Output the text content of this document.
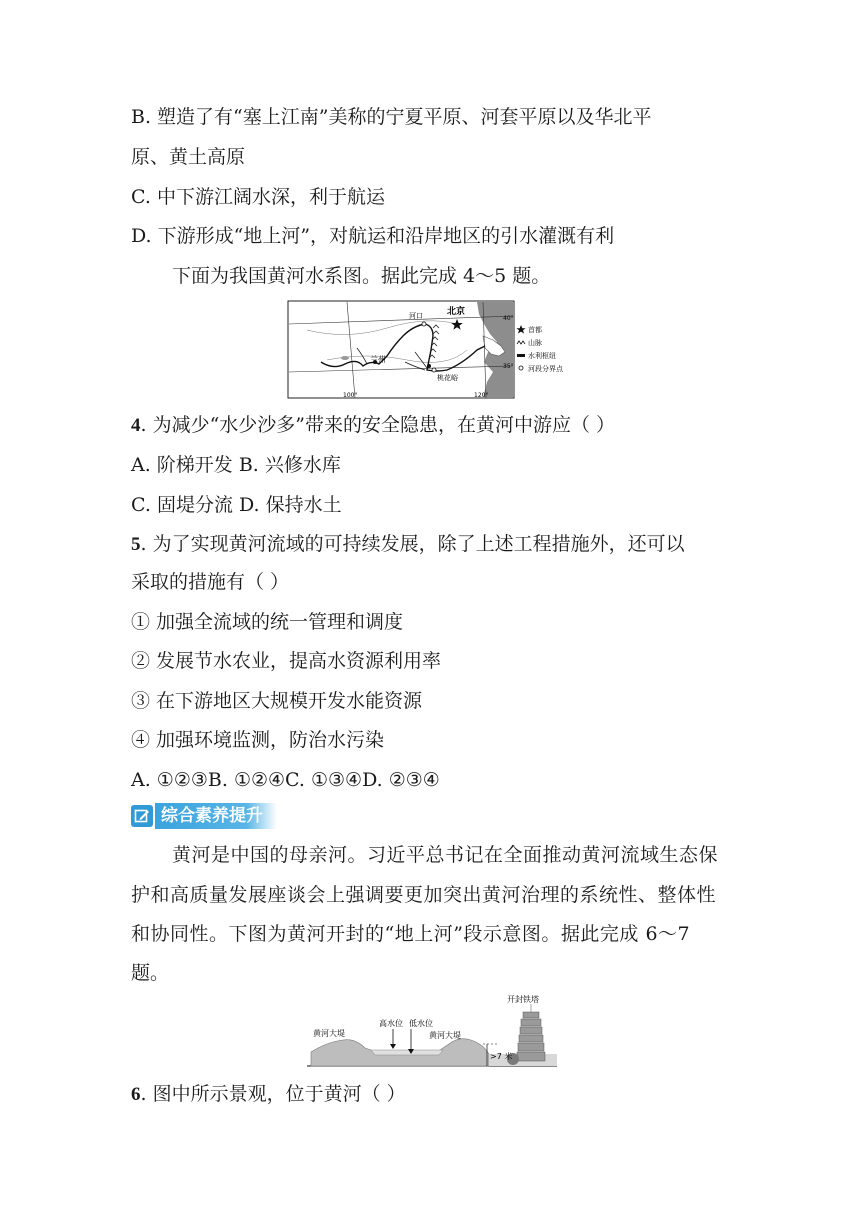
B. 塑造了有“塞上江南”美称的宁夏平原、河套平原以及华北平
原、黄土高原
C. 中下游江阔水深，利于航运
D. 下游形成“地上河”，对航运和沿岸地区的引水灌溉有利
下面为我国黄河水系图。据此完成 4～5 题。
河口	北京
兰州
桃花峪
40°
35°
100°	120°
首都
山脉
水利枢纽
河段分界点
4. 为减少“水少沙多”带来的安全隐患，在黄河中游应（ ）
A. 阶梯开发 B. 兴修水库
C. 固堤分流 D. 保持水土
5. 为了实现黄河流域的可持续发展，除了上述工程措施外，还可以
采取的措施有（ ）
① 加强全流域的统一管理和调度
② 发展节水农业，提高水资源利用率
③ 在下游地区大规模开发水能资源
④ 加强环境监测，防治水污染
A. ①②③B. ①②④C. ①③④D. ②③④
综合素养提升
黄河是中国的母亲河。习近平总书记在全面推动黄河流域生态保
护和高质量发展座谈会上强调要更加突出黄河治理的系统性、整体性
和协同性。下图为黄河开封的“地上河”段示意图。据此完成 6～7
题。
黄河大堤
高水位 低水位
黄河大堤
开封铁塔
>7 米
6. 图中所示景观，位于黄河（ ）
